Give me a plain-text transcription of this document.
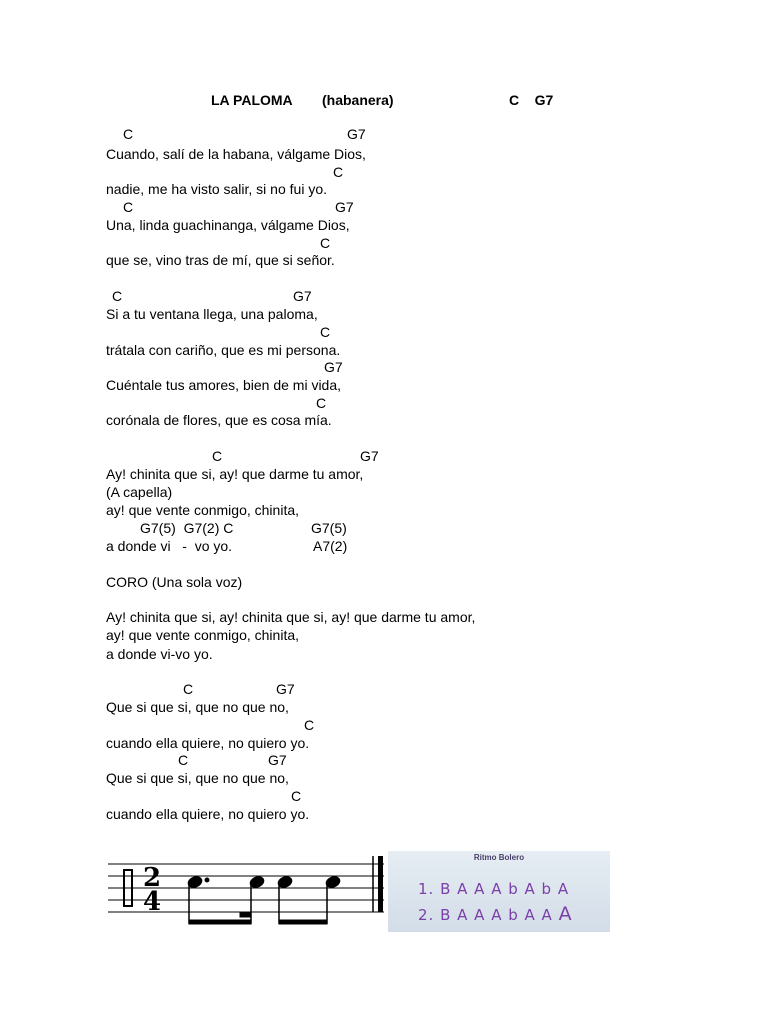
LA PALOMA (habanera)	C    G7
C	G7
Cuando, salí de la habana, válgame Dios,
C
nadie, me ha visto salir, si no fui yo.
C	G7
Una, linda guachinanga, válgame Dios,
C
que se, vino tras de mí, que si señor.
C	G7
Si a tu ventana llega, una paloma,
C
trátala con cariño, que es mi persona.
G7
Cuéntale tus amores, bien de mi vida,
C
corónala de flores, que es cosa mía.
C	G7
Ay! chinita que si, ay! que darme tu amor,
(A capella)
ay! que vente conmigo, chinita,
G7(5)  G7(2) C	G7(5)
a donde vi   -  vo yo.	A7(2)
CORO (Una sola voz)
Ay! chinita que si, ay! chinita que si, ay! que darme tu amor,
ay! que vente conmigo, chinita,
a donde vi-vo yo.
C	G7
Que si que si, que no que no,
C
cuando ella quiere, no quiero yo.
C	G7
Que si que si, que no que no,
C
cuando ella quiere, no quiero yo.
2
4
Ritmo Bolero
1. B A A A b A b A
2. B A A A b A A A
